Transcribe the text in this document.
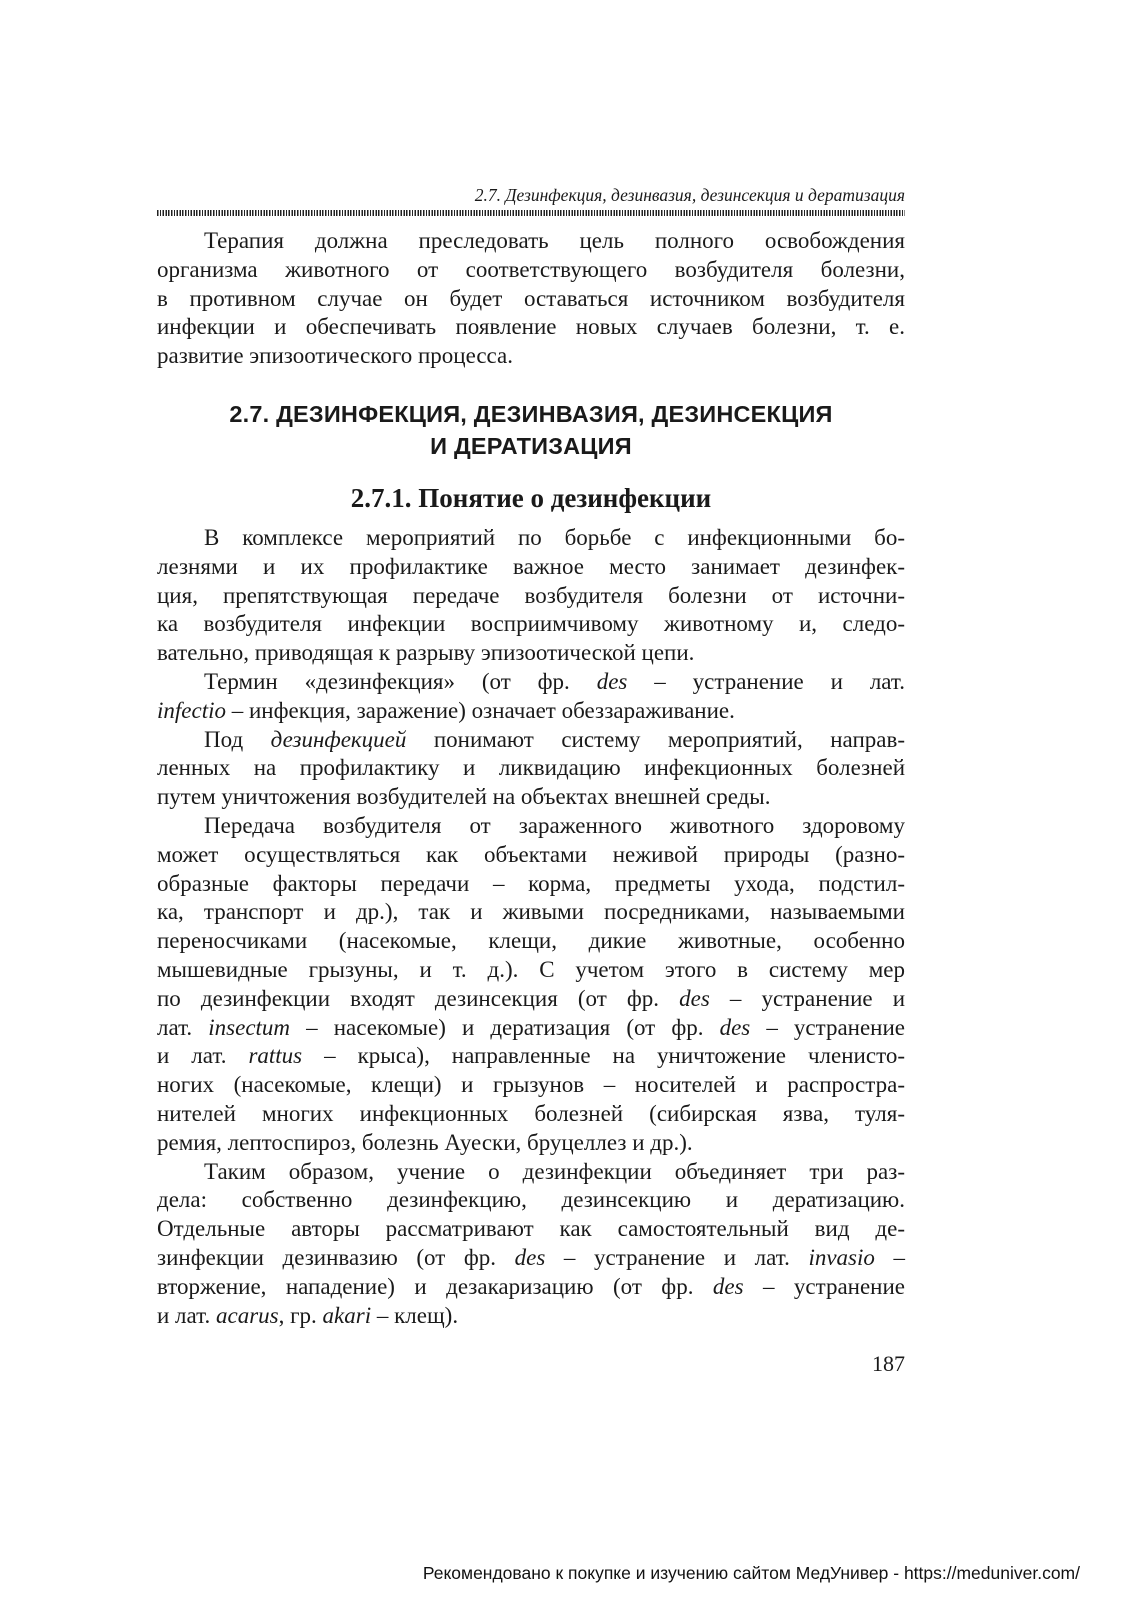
2.7. Дезинфекция, дезинвазия, дезинсекция и дератизация

Терапия должна преследовать цель полного освобождения

организма животного от соответствующего возбудителя болезни,

в противном случае он будет оставаться источником возбудителя

инфекции и обеспечивать появление новых случаев болезни, т. е.

развитие эпизоотического процесса.

2.7. ДЕЗИНФЕКЦИЯ, ДЕЗИНВАЗИЯ, ДЕЗИНСЕКЦИЯ
И ДЕРАТИЗАЦИЯ
2.7.1. Понятие о дезинфекции

В комплексе мероприятий по борьбе с инфекционными бо-

лезнями и их профилактике важное место занимает дезинфек-

ция, препятствующая передаче возбудителя болезни от источни-

ка возбудителя инфекции восприимчивому животному и, следо-

вательно, приводящая к разрыву эпизоотической цепи.

Термин «дезинфекция» (от фр. des – устранение и лат.

infectio – инфекция, заражение) означает обеззараживание.

Под дезинфекцией понимают систему мероприятий, направ-

ленных на профилактику и ликвидацию инфекционных болезней

путем уничтожения возбудителей на объектах внешней среды.

Передача возбудителя от зараженного животного здоровому

может осуществляться как объектами неживой природы (разно-

образные факторы передачи – корма, предметы ухода, подстил-

ка, транспорт и др.), так и живыми посредниками, называемыми

переносчиками (насекомые, клещи, дикие животные, особенно

мышевидные грызуны, и т. д.). С учетом этого в систему мер

по дезинфекции входят дезинсекция (от фр. des – устранение и

лат. insectum – насекомые) и дератизация (от фр. des – устранение

и лат. rattus – крыса), направленные на уничтожение членисто-

ногих (насекомые, клещи) и грызунов – носителей и распростра-

нителей многих инфекционных болезней (сибирская язва, туля-

ремия, лептоспироз, болезнь Ауески, бруцеллез и др.).

Таким образом, учение о дезинфекции объединяет три раз-

дела: собственно дезинфекцию, дезинсекцию и дератизацию.

Отдельные авторы рассматривают как самостоятельный вид де-

зинфекции дезинвазию (от фр. des – устранение и лат. invasio –

вторжение, нападение) и дезакаризацию (от фр. des – устранение

и лат. acarus, гр. akari – клещ).

187
Рекомендовано к покупке и изучению сайтом МедУнивер - https://meduniver.com/
